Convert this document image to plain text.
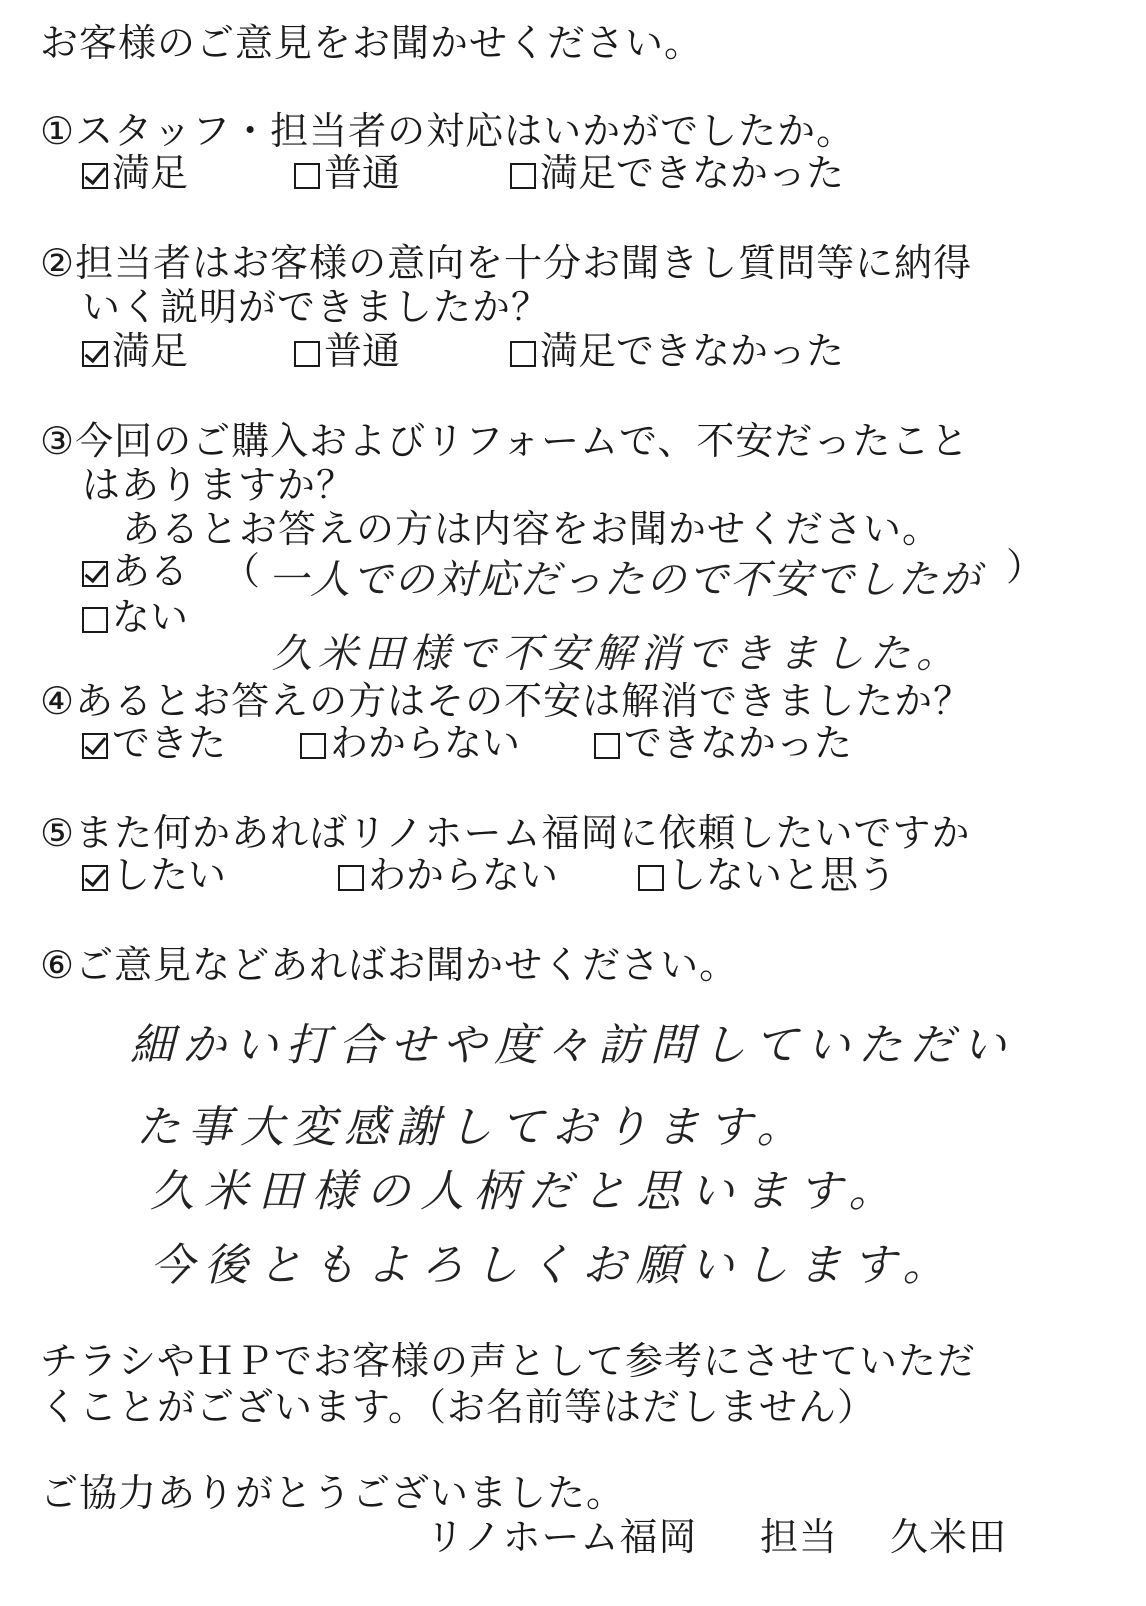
お客様のご意見をお聞かせください。
①スタッフ・担当者の対応はいかがでしたか。
満足	普通	満足できなかった
②担当者はお客様の意向を十分お聞きし質問等に納得
いく説明ができましたか？
満足	普通	満足できなかった
③今回のご購入およびリフォームで、不安だったこと
はありますか？
あるとお答えの方は内容をお聞かせください。
ある （	）
ない
一人での対応だったので不安でしたが
久米田様で不安解消できました。
④あるとお答えの方はその不安は解消できましたか？
できた	わからない	できなかった
⑤また何かあればリノホーム福岡に依頼したいですか
したい	わからない	しないと思う
⑥ご意見などあればお聞かせください。
細かい打合せや度々訪問していただい
た事大変感謝しております。
久米田様の人柄だと思います。
今後ともよろしくお願いします。
チラシやＨＰでお客様の声として参考にさせていただ
くことがございます。（お名前等はだしません）
ご協力ありがとうございました。
リノホーム福岡 担当 久米田
